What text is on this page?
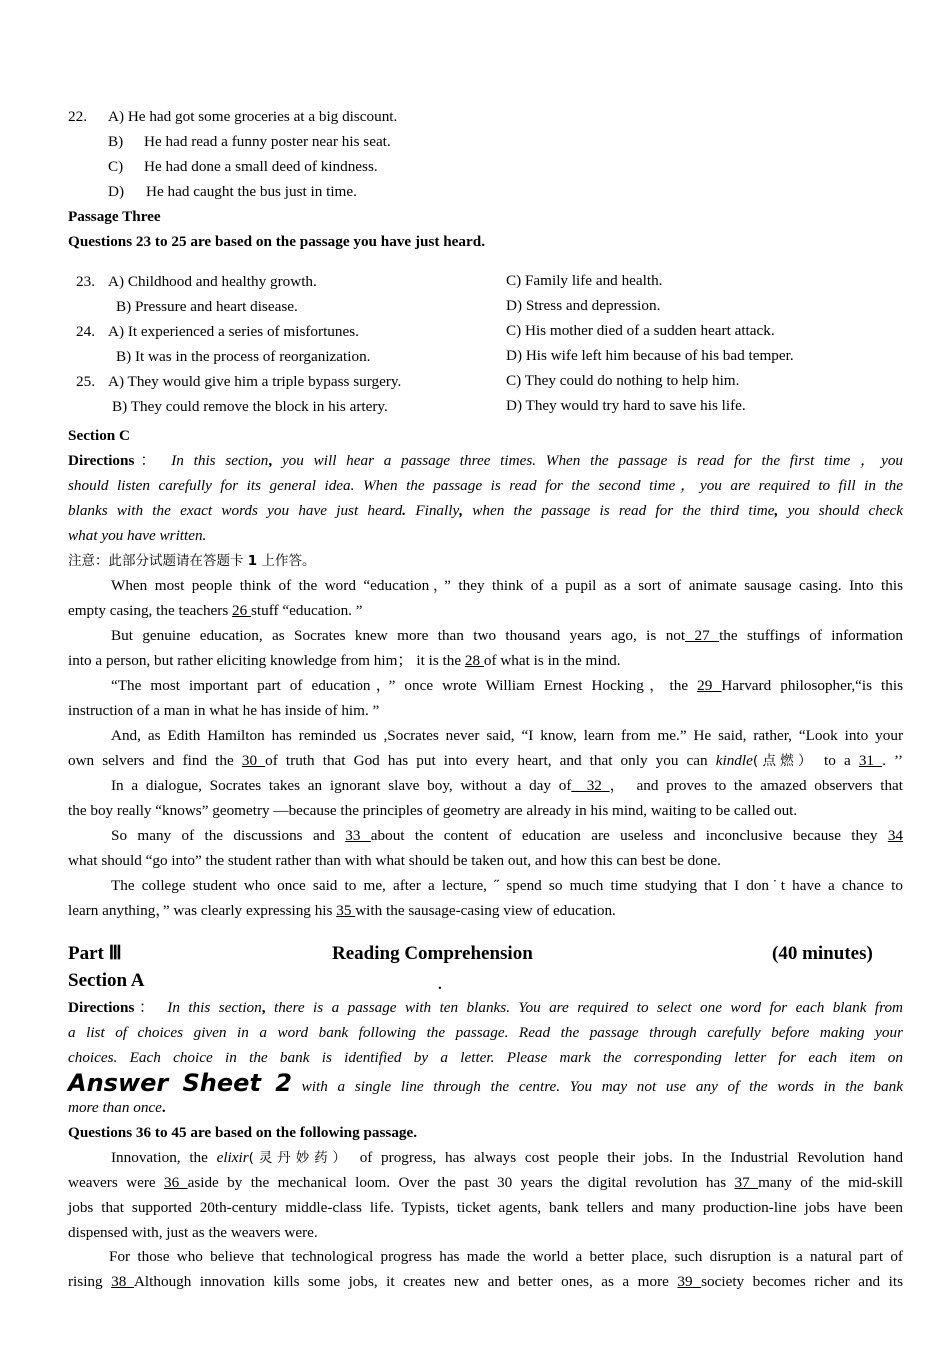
22. A) He had got some groceries at a big discount.
B) He had read a funny poster near his seat.
C) He had done a small deed of kindness.
D) He had caught the bus just in time.
Passage Three
Questions 23 to 25 are based on the passage you have just heard.
23. A) Childhood and healthy growth.	C) Family life and health.
B) Pressure and heart disease.	D) Stress and depression.
24. A) It experienced a series of misfortunes.	C) His mother died of a sudden heart attack.
B) It was in the process of reorganization.	D) His wife left him because of his bad temper.
25. A) They would give him a triple bypass surgery.	C) They could do nothing to help him.
B) They could remove the block in his artery.	D) They would try hard to save his life.
Section C
Directions： In this section, you will hear a passage three times. When the passage is read for the first time ，you
should listen carefully for its general idea. When the passage is read for the second time，you are required to fill in the
blanks with the exact words you have just heard. Finally, when the passage is read for the third time, you should check
what you have written.
注意：此部分试题请在答题卡 1 上作答。
When most people think of the word “education，” they think of a pupil as a sort of animate sausage casing. Into this
empty casing, the teachers 26 stuff “education. ”
But genuine education, as Socrates knew more than two thousand years ago, is not 27 the stuffings of information
into a person, but rather eliciting knowledge from him； it is the 28 of what is in the mind.
“The most important part of education，” once wrote William Ernest Hocking，the 29 Harvard philosopher,“is this
instruction of a man in what he has inside of him. ”
And, as Edith Hamilton has reminded us ,Socrates never said, “I know, learn from me.” He said, rather, “Look into your
own selvers and find the 30 of truth that God has put into every heart, and that only you can kindle(点燃） to a 31 . ’’
In a dialogue, Socrates takes an ignorant slave boy, without a day of_ 32 ， and proves to the amazed observers that
the boy really “knows” geometry —because the principles of geometry are already in his mind, waiting to be called out.
So many of the discussions and 33 about the content of education are useless and inconclusive because they 34
what should “go into” the student rather than with what should be taken out, and how this can best be done.
The college student who once said to me, after a lecture, ˝ spend so much time studying that I don˙t have a chance to
learn anything，” was clearly expressing his 35 with the sausage-casing view of education.
Part Ⅲ	Reading Comprehension	(40 minutes)
Section A	.
Directions： In this section, there is a passage with ten blanks. You are required to select one word for each blank from
a list of choices given in a word bank following the passage. Read the passage through carefully before making your
choices. Each choice in the bank is identified by a letter. Please mark the corresponding letter for each item on
Answer Sheet 2 with a single line through the centre. You may not use any of the words in the bank
more than once.
Questions 36 to 45 are based on the following passage.
Innovation, the elixir(灵丹妙药） of progress, has always cost people their jobs. In the Industrial Revolution hand
weavers were 36 aside by the mechanical loom. Over the past 30 years the digital revolution has 37 many of the mid-skill
jobs that supported 20th-century middle-class life. Typists, ticket agents, bank tellers and many production-line jobs have been
dispensed with, just as the weavers were.
For those who believe that technological progress has made the world a better place, such disruption is a natural part of
rising 38 Although innovation kills some jobs, it creates new and better ones, as a more 39 society becomes richer and its
